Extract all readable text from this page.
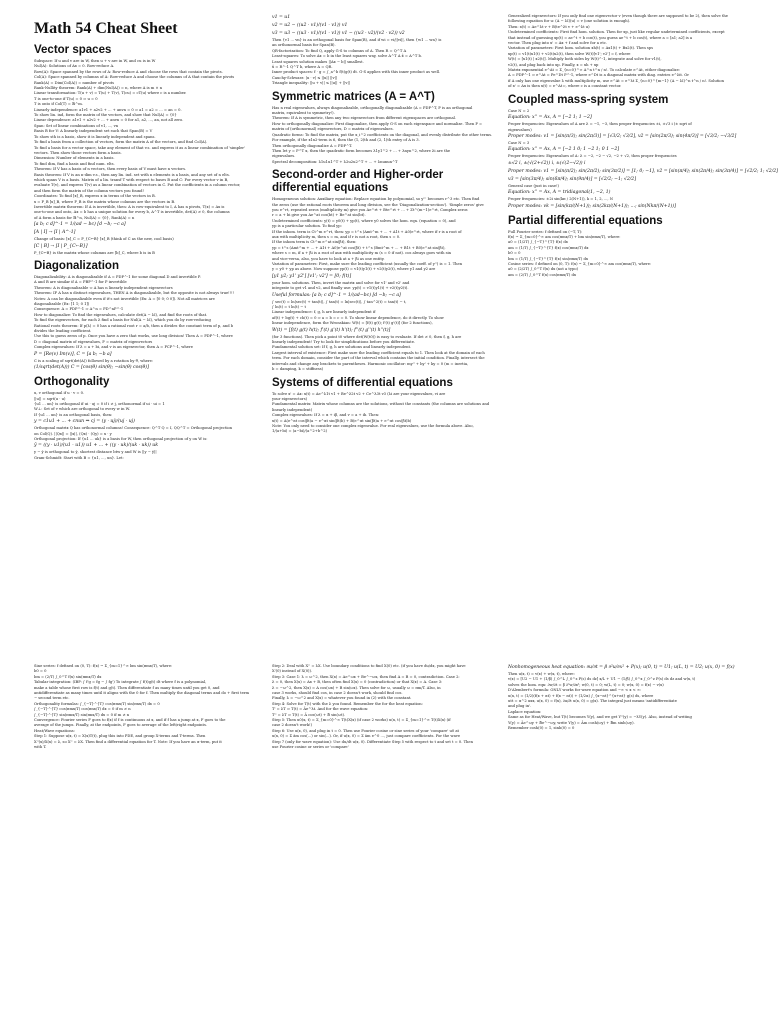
Math 54 Cheat Sheet
Vector spaces
Subspace: If u and v are in W, then u + v are in W, and cu is in W
Nul(A): Solutions of Ax = 0. Row-reduce A.
Row(A): Space spanned by the rows of A: Row-reduce A and choose the rows that contain the pivots.
Col(A): Space spanned by columns of A: Row-reduce A and choose the columns of A that contain the pivots
Rank(A) = Dim(Col(A)) = number of pivots
Rank-Nullity theorem: Rank(A) + dim(Nul(A)) = n, where A is m × n
Linear transformation: T(u + v) = T(u) + T(v), T(cu) = cT(u) where c is a number.
T is one-to-one if T(u) = 0 ⇒ u = 0
T is onto if Col(T) = ℝ^m.
Linearly independence: a1v1 + a2v2 + ... + anvn = 0 ⇒ a1 = a2 = ... = an = 0.
To show lin. ind, form the matrix of the vectors, and show that Nul(A) = {0}
Linear dependence: a1v1 + a2v2 + ... + anvn = 0 for a1, a2, ..., an, not all zero.
Span: Set of linear combinations of v1, ..., vn
Basis B for V: A linearly independent set such that Span(B) = V
To show sth is a basis, show it is linearly independent and spans.
To find a basis from a collection of vectors, form the matrix A of the vectors, and find Col(A).
To find a basis for a vector space, take any element of that v.s. and express it as a linear combination of 'simpler'
vectors. Then show those vectors form a basis.
Dimension: Number of elements in a basis.
To find dim, find a basis and find num. elts.
Theorem: If V has a basis of n vectors, then every basis of V must have n vectors.
Basis theorem: If V is an n-dim v.s., then any lin. ind. set with n elements is a basis, and any set of n elts.
which spans V is a basis. Matrix of a lin. transf T with respect to bases B and C: For every vector v in B,
evaluate T(v), and express T(v) as a linear combination of vectors in C. Put the coefficients in a column vector,
and then form the matrix of the column vectors you found!
Coordinates: To find [x]_B, express x in terms of the vectors in B.
x = P_B [x]_B, where P_B is the matrix whose columns are the vectors in B.
Invertible matrix theorem: If A is invertible, then: A is row-equivalent to I, A has n pivots, T(x) = Ax is
one-to-one and onto, Ax = b has a unique solution for every b, A^T is invertible, det(A) ≠ 0, the columns
of A form a basis for ℝ^n, Nul(A) = {0}, Rank(A) = n
[a b; c d]^-1 = 1/(ad − bc) [d −b; −c a]
[A | I] → [I | A^-1]
Change of basis: [x]_C = P_{C←B} [x]_B (think of C as the new, cool basis)
[C | B] → [I | P_{C←B}]
P_{C←B} is the matrix whose columns are [b]_C, where b is in B
Diagonalization
Diagonalizability: A is diagonalizable if A = PDP^-1 for some diagonal D and invertible P.
A and B are similar if A = PBP^-1 for P invertible
Theorem: A is diagonalizable ⇔ A has n linearly independent eigenvectors
Theorem: IF A has n distinct eigenvalues, THEN A is diagonalizable, but the opposite is not always true!!!!
Notes: A can be diagonalizable even if it's not invertible (Ex: A = [0 0; 0 0]). Not all matrices are
diagonalizable (Ex: [1 1; 0 1])
Consequence: A = PDP^-1 ⇒ A^n = PD^nP^-1
How to diagonalize: To find the eigenvalues, calculate det(A − λI), and find the roots of that.
To find the eigenvectors, for each λ find a basis for Nul(A − λI), which you do by row-reducing
Rational roots theorem: If p(λ) = 0 has a rational root r = a/b, then a divides the constant term of p, and b
divides the leading coefficient.
Use this to guess zeros of p. Once you have a zero that works, use long division! Then A = PDP^-1, where
D = diagonal matrix of eigenvalues, P = matrix of eigenvectors
Complex eigenvalues: If λ = a + bi, and v is an eigenvector, then A = PCP^-1, where
P = [Re(v) Im(v)], C = [a b; −b a]
C is a scaling of sqrt(det(A)) followed by a rotation by θ, where:
(1/sqrt(det(A))) C = [cos(θ) sin(θ); −sin(θ) cos(θ)]
Orthogonality
u, v orthogonal if u · v = 0.
||u|| = sqrt(u · u)
{u1 ... un} is orthogonal if ui · uj = 0 if i ≠ j, orthonormal if ui · ui = 1
W⊥: Set of v which are orthogonal to every w in W.
If {u1 ... un} is an orthogonal basis, then:
y = c1u1 + ... + cnun ⇒ cj = (y · uj)/(uj · uj)
Orthogonal matrix Q has orthonormal columns! Consequence: Q^T Q = I, QQ^T = Orthogonal projection
on Col(Q). ||Qx|| = ||x||, (Qx) · (Qy) = x · y
Orthogonal projection: If {u1 ... uk} is a basis for W, then orthogonal projection of y on W is:
ŷ = ((y · u1)/(u1 · u1)) u1 + ... + ((y · uk)/(uk · uk)) uk
y − ŷ is orthogonal to ŷ, shortest distance btw y and W is ||y − ŷ||
Gram-Schmidt: Start with B = {u1, ..., un}. Let:
v1 = u1
v2 = u2 − ((u2 · v1)/(v1 · v1)) v1
v3 = u3 − ((u3 · v1)/(v1 · v1)) v1 − ((u3 · v2)/(v2 · v2)) v2
Then {v1 ... vn} is an orthogonal basis for Span(B), and if wi = vi/||vi||, then {w1 ... wn} is
an orthonormal basis for Span(B).
QR-factorization: To find Q, apply G-S to columns of A. Then R = Q^T A
Least-squares: To solve Ax = b in the least squares way, solve A^T A x̂ = A^T b.
Least squares solution makes ||Ax − b|| smallest.
x̂ = R^-1 Q^T b, where A = QR.
Inner product spaces: f · g = ∫_a^b f(t)g(t) dt. G-S applies with this inner product as well.
Cauchy-Schwarz: |u · v| ≤ ||u|| ||v||
Triangle inequality: ||u + v|| ≤ ||u|| + ||v||
Symmetric matrices (A = A^T)
Has n real eigenvalues, always diagonalizable, orthogonally diagonalizable (A = PDP^T, P is an orthogonal
matrix, equivalent to symmetry!).
Theorem: If A is symmetric, then any two eigenvectors from different eigenspaces are orthogonal.
How to orthogonally diagonalize: First diagonalize, then apply G-S on each eigenspace and normalize. Then P =
matrix of (orthonormal) eigenvectors, D = matrix of eigenvalues.
Quadratic forms: To find the matrix, put the x_i^2 coefficients on the diagonal, and evenly distribute the other terms.
For example, if the x1x2-term is 6, then the (1, 2)th and (2, 1)th entry of A is 3.
Then orthogonally diagonalize A = PDP^T.
Then let y = P^T x, then the quadratic form becomes λ1y1^2 + ... + λnyn^2, where λi are the
eigenvalues.
Spectral decomposition: λ1u1u1^T + λ2u2u2^T + ... + λnunun^T
Second-order and Higher-order differential equations
Homogeneous solution: Auxiliary equation: Replace equation by polynomial, so y''' becomes r^3 etc. Then find
the zeros (use the rational roots theorem and long division, see the 'Diagonalization-section'). 'Simple zeros' give
you e^rt, repeated zeros (multiplicity m) give you Ae^rt + Bte^rt + ... + Zt^(m−1)e^rt, Complex zeros
r = a + bi give you Ae^at cos(bt) + Be^at sin(bt).
Undetermined coefficients: y(t) = y0(t) + yp(t), where y0 solves the hom. eqn. (equation = 0), and
yp is a particular solution. To find yp:
If the inhom. term is Ct^m e^rt, then: yp = t^s (Amt^m + ... + A1t + A0)e^rt, where if r is a root of
aux with multiplicity m, then s = m, and if r is not a root, then s = 0.
If the inhom term is Ct^m e^at sin(βt), then:
yp = t^s (Amt^m + ... + A1t + A0)e^at cos(βt) + t^s (Bmt^m + ... + B1t + B0)e^at sin(βt),
where s = m, if a + βi is a root of aux with multiplicity m (s = 0 if not). cos always goes with sin
and vice-versa, also, you have to look at a + βi as one entity.
Variation of parameters: First, make sure the leading coefficient (usually the coeff. of y'') is = 1. Then
y = y0 + yp as above. Now suppose yp(t) = v1(t)y1(t) + v2(t)y2(t), where y1 and y2 are
[y1 y2; y1' y2'] [v1'; v2'] = [0; f(t)]
your hom. solutions. Then, invert the matrix and solve for v1' and v2' and
integrate to get v1 and v2, and finally use: yp(t) = v1(t)y1(t) + v2(t)y2(t).
Useful formulas: [a b; c d]^-1 = 1/(ad−bc) [d −b; −c a]
∫ sec(t) = ln|sec(t) + tan(t)|, ∫ tan(t) = ln|sec(t)|, ∫ tan^2(t) = tan(t) − t,
∫ ln(t) = t ln(t) − t
Linear independence: f, g, h are linearly independent if
af(t) + bg(t) + ch(t) = 0 ⇒ a = b = c = 0. To show linear dependence, do it directly. To show
linear independence, form the Wronskian: W(t) = [f(t) g(t); f'(t) g'(t)] (for 2 functions),
W(t) = [f(t) g(t) h(t); f'(t) g'(t) h'(t); f''(t) g''(t) h''(t)]
(for 3 functions). Then pick a point t0 where det(W(t0)) is easy to evaluate. If det ≠ 0, then f, g, h are
linearly independent! Try to look for simplifications before you differentiate.
Fundamental solution set: If f, g, h are solutions and linearly independent.
Largest interval of existence: First make sure the leading coefficient equals to 1. Then look at the domain of each
term. For each domain, consider the part of the interval which contains the initial condition. Finally, intersect the
intervals and change any brackets to parentheses. Harmonic oscillator: my'' + by' + ky = 0 (m = inertia,
b = damping, k = stiffness)
Systems of differential equations
To solve x' = Ax: x(t) = Ae^λ1t v1 + Be^λ2t v2 + Ce^λ3t v3 (λi are your eigenvalues, vi are
your eigenvectors)
Fundamental matrix: Matrix whose columns are the solutions, without the constants (the columns are solutions and
linearly independent)
Complex eigenvalues: If λ = α + iβ, and v = a + ib. Then:
x(t) = A(e^αt cos(βt)a − e^αt sin(βt)b) + B(e^αt sin(βt)a + e^αt cos(βt)b)
Note: You only need to consider one complex eigenvalue. For real eigenvalues, use the formula above. Also,
1/(a+bi) = (a−bi)/(a^2+b^2)
Generalized eigenvectors: If you only find one eigenvector v (even though there are supposed to be 2), then solve the
following equation for u: (A − λI)(u) = v (one solution is enough).
Then: x(t) = Ae^λt v + B(te^λt v + e^λt u)
Undetermined coefficients: First find hom. solution. Then for xp, just like regular undetermined coefficients, except
that instead of guessing xp(t) = ae^t + b cos(t), you guess ae^t + b cos(t), where a = [a1; a2] is a
vector. Then plug into x' = Ax + f and solve for a etc.
Variation of parameters: First hom. solution xh(t) = Ax1(t) + Bx2(t). Then sps
xp(t) = v1(t)x1(t) + v2(t)x2(t), then solve W(t)[v1'; v2'] = f, where
W(t) = [x1(t) | x2(t)]. Multiply both sides by W(t)^-1, integrate and solve for v1(t),
v2(t), and plug back into xp. Finally, x = xh + xp
Matrix exponential e^At = Σ_{n=0}^∞ A^n t^n / n!. To calculate e^At, either diagonalize:
A = PDP^-1 ⇒ e^At = Pe^Dt P^-1, where e^Dt is a diagonal matrix with diag. entries e^λit. Or
if A only has one eigenvalue λ with multiplicity m, use e^At = e^λt Σ_{n=0}^{m−1} (A − λI)^n t^n / n!. Solution
of x' = Ax is then x(t) = e^At c, where c is a constant vector.
Coupled mass-spring system
Case N = 2
Equation: x'' = Ax, A = [−2 1; 1 −2]
Proper frequencies: Eigenvalues of A are λ = −1, −3, then proper frequencies ±i, ±√3 i (± sqrt of
eigenvalues)
Proper modes: v1 = [sin(π/3); sin(2π/3)] = [√3/2; √3/2], v2 = [sin(2π/3); sin(4π/3)] = [√3/2; −√3/2]
Case N = 3
Equation: x'' = Ax, A = [−2 1 0; 1 −2 1; 0 1 −2]
Proper frequencies: Eigenvalues of A: λ = −2, −2 − √2, −2 + √2, then proper frequencies
±√2 i, ±(√(2+√2)) i, ±(√(2−√2)) i
Proper modes: v1 = [sin(π/2); sin(2π/2); sin(3π/2)] = [1; 0; −1], v2 = [sin(π/4); sin(2π/4); sin(3π/4)] = [√2/2; 1; √2/2]
v3 = [sin(3π/4); sin(6π/4); sin(9π/4)] = [√2/2; −1; √2/2]
General case (just in case!)
Equation: x'' = Ax, A = tridiagonal(1, −2, 1)
Proper frequencies: ±2i sin(kπ / 2(N+1)), k = 1, 2, ..., N
Proper modes: vk = [sin(kπ/(N+1)); sin(2kπ/(N+1)); ...; sin(Nkπ/(N+1))]
Partial differential equations
Full Fourier series: f defined on (−T, T):
f(x) ~ Σ_{m=0}^∞ am cos(πmx/T) + bm sin(πmx/T), where:
a0 = (1/2T) ∫_{−T}^{T} f(x) dx
am = (1/T) ∫_{−T}^{T} f(x) cos(πmx/T) dx
b0 = 0
bm = (1/T) ∫_{−T}^{T} f(x) sin(πmx/T) dx
Cosine series: f defined on (0, T): f(x) ~ Σ_{m=0}^∞ am cos(πmx/T), where:
a0 = (2/2T) ∫_0^T f(x) dx (not a typo)
am = (2/T) ∫_0^T f(x) cos(πmx/T) dx
Sine series: f defined on (0, T): f(x) ~ Σ_{m=1}^∞ bm sin(πmx/T), where:
b0 = 0
bm = (2/T) ∫_0^T f(x) sin(πmx/T) dx
Tabular integration: (IBP: ∫ f'g = fg − ∫ fg') To integrate ∫ f(t)g(t) dt where f is a polynomial,
make a table whose first row is f(t) and g(t). Then differentiate f as many times until you get 0, and
antidifferentiate as many times until it aligns with the 0 for f. Then multiply the diagonal terms and do + first term
− second term etc.
Orthogonality formulas: ∫_{−T}^{T} cos(πmx/T) sin(πnx/T) dx = 0
∫_{−T}^{T} cos(πmx/T) cos(πnx/T) dx = 0 if m ≠ n
∫_{−T}^{T} sin(πmx/T) sin(πnx/T) dx = 0 if m ≠ n
Convergence: Fourier series F goes to f(x) if f is continuous at x, and if f has a jump at x, F goes to the
average of the jumps. Finally, at the endpoints, F goes to average of the left/right endpoints.
Heat/Wave equations:
Step 1: Suppose u(x, t) = X(x)T(t), plug this into PDE, and group X-terms and T-terms. Then
X''(x)/X(x) = λ, so X'' = λX. Then find a differential equation for T. Note: If you have an α-term, put it
with T.
Step 2: Deal with X'' = λX. Use boundary conditions to find X(0) etc. (if you have du/dx, you might have
X'(0) instead of X(0)).
Step 3: Case 1: λ = ω^2, then X(x) = Ae^ωx + Be^−ωx, then find A = B = 0, contradiction. Case 2:
λ = 0, then X(x) = Ax + B, then often find X(x) = 0 (contradiction) or that X(x) = A. Case 3:
λ = −ω^2, then X(x) = A cos(ωx) + B sin(ωx). Then solve for ω, usually ω = πm/T. Also, in
case 3 works, should find cos, in case 2 doesn't work, should find cos.
Finally, λ = −ω^2 and X(x) = whatever you found in (2) with the constant.
Step 4: Solve for T(t) with the λ you found. Remember the for the heat equation:
T' = λT ⇒ T(t) = Ãe^λt. And for the wave equation:
T'' = λT ⇒ T(t) = Ã cos(ωt) + B̃ sin(ωt).
Step 5: Then u0(x, t) = Σ_{m=0}^∞ T(t)X(x) (if case 2 works) u(x, t) = Σ_{m=1}^∞ T(t)X(x) (if
case 2 doesn't work!)
Step 6: Use u(x, 0), and plug in t = 0. Then use Fourier cosine or sine series of your 'compare' u0 at
u(x, 0) = Σ ãm cos(...) or sin(...). Or, if u(x, 0) = Σ ãm e^0 ..., just compare coefficients. For the wave
Step 7 (only for wave equation): Use du/dt u(x, 0). Differentiate Step 5 with respect to t and set t = 0. Then
use Fourier cosine or series or 'compare'
Nonhomogeneous heat equation: ∂u/∂t = β ∂²u/∂x² + P(x); u(0, t) = U1; u(L, t) = U2; u(x, 0) = f(x)
Then u(x, t) = v(x) + w(x, t), where:
v(x) = [U2 − U1 + (1/β) ∫_0^L ∫_0^z P(s) ds dz] x/L + U1 − (1/β) ∫_0^x ∫_0^z P(s) ds dz and w(x, t)
solves the hom. eqn: ∂w/∂t = β ∂²w/∂x²; w(0, t) = 0; w(L, t) = 0; w(x, 0) = f(x) − v(x)
D'Alembert's formula: ONLY works for wave equation and −∞ < x < ∞:
u(x, t) = (1/2)(f(x + αt) + f(x − αt)) + (1/2α) ∫_{x−αt}^{x+αt} g(s) ds, where
utt = α^2 uxx, u(x, 0) = f(x), ∂u/∂t u(x, 0) = g(x). The integral just means 'antidifferentiate
and plug in'.
Laplace equation:
Same as for Heat/Wave, but T(t) becomes Y(y), and we get Y''(y) = −λY(y). Also, instead of writing
Y(y) = Ãe^ωy + B̃e^−ωy, write Y(y) = Ãm cosh(ωy) + B̃m sinh(ωy).
Remember cosh(0) = 1, sinh(0) = 0
